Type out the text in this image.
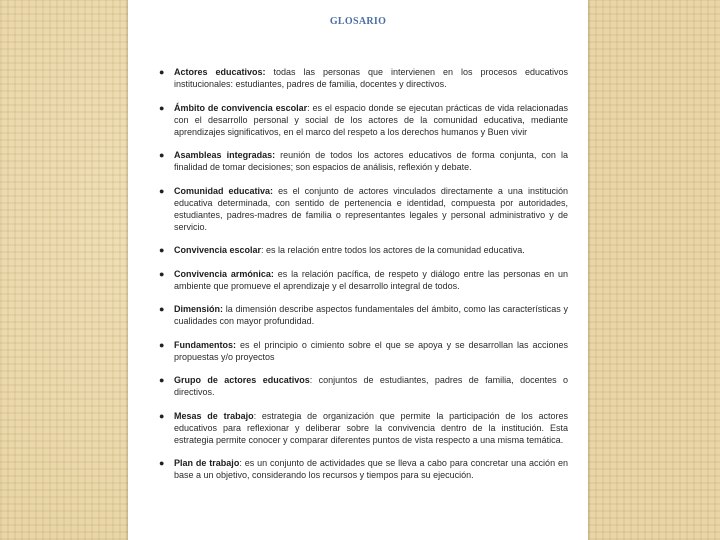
GLOSARIO
● Actores educativos: todas las personas que intervienen en los procesos educativos institucionales: estudiantes, padres de familia, docentes y directivos.
● Ámbito de convivencia escolar: es el espacio donde se ejecutan prácticas de vida relacionadas con el desarrollo personal y social de los actores de la comunidad educativa, mediante aprendizajes significativos, en el marco del respeto a los derechos humanos y Buen vivir
● Asambleas integradas: reunión de todos los actores educativos de forma conjunta, con la finalidad de tomar decisiones; son espacios de análisis, reflexión y debate.
● Comunidad educativa: es el conjunto de actores vinculados directamente a una institución educativa determinada, con sentido de pertenencia e identidad, compuesta por autoridades, estudiantes, padres-madres de familia o representantes legales y personal administrativo y de servicio.
● Convivencia escolar: es la relación entre todos los actores de la comunidad educativa.
● Convivencia armónica: es la relación pacífica, de respeto y diálogo entre las personas en un ambiente que promueve el aprendizaje y el desarrollo integral de todos.
● Dimensión: la dimensión describe aspectos fundamentales del ámbito, como las características y cualidades con mayor profundidad.
● Fundamentos: es el principio o cimiento sobre el que se apoya y se desarrollan las acciones propuestas y/o proyectos
● Grupo de actores educativos: conjuntos de estudiantes, padres de familia, docentes o directivos.
● Mesas de trabajo: estrategia de organización que permite la participación de los actores educativos para reflexionar y deliberar sobre la convivencia dentro de la institución. Esta estrategia permite conocer y comparar diferentes puntos de vista respecto a una misma temática.
● Plan de trabajo: es un conjunto de actividades que se lleva a cabo para concretar una acción en base a un objetivo, considerando los recursos y tiempos para su ejecución.
